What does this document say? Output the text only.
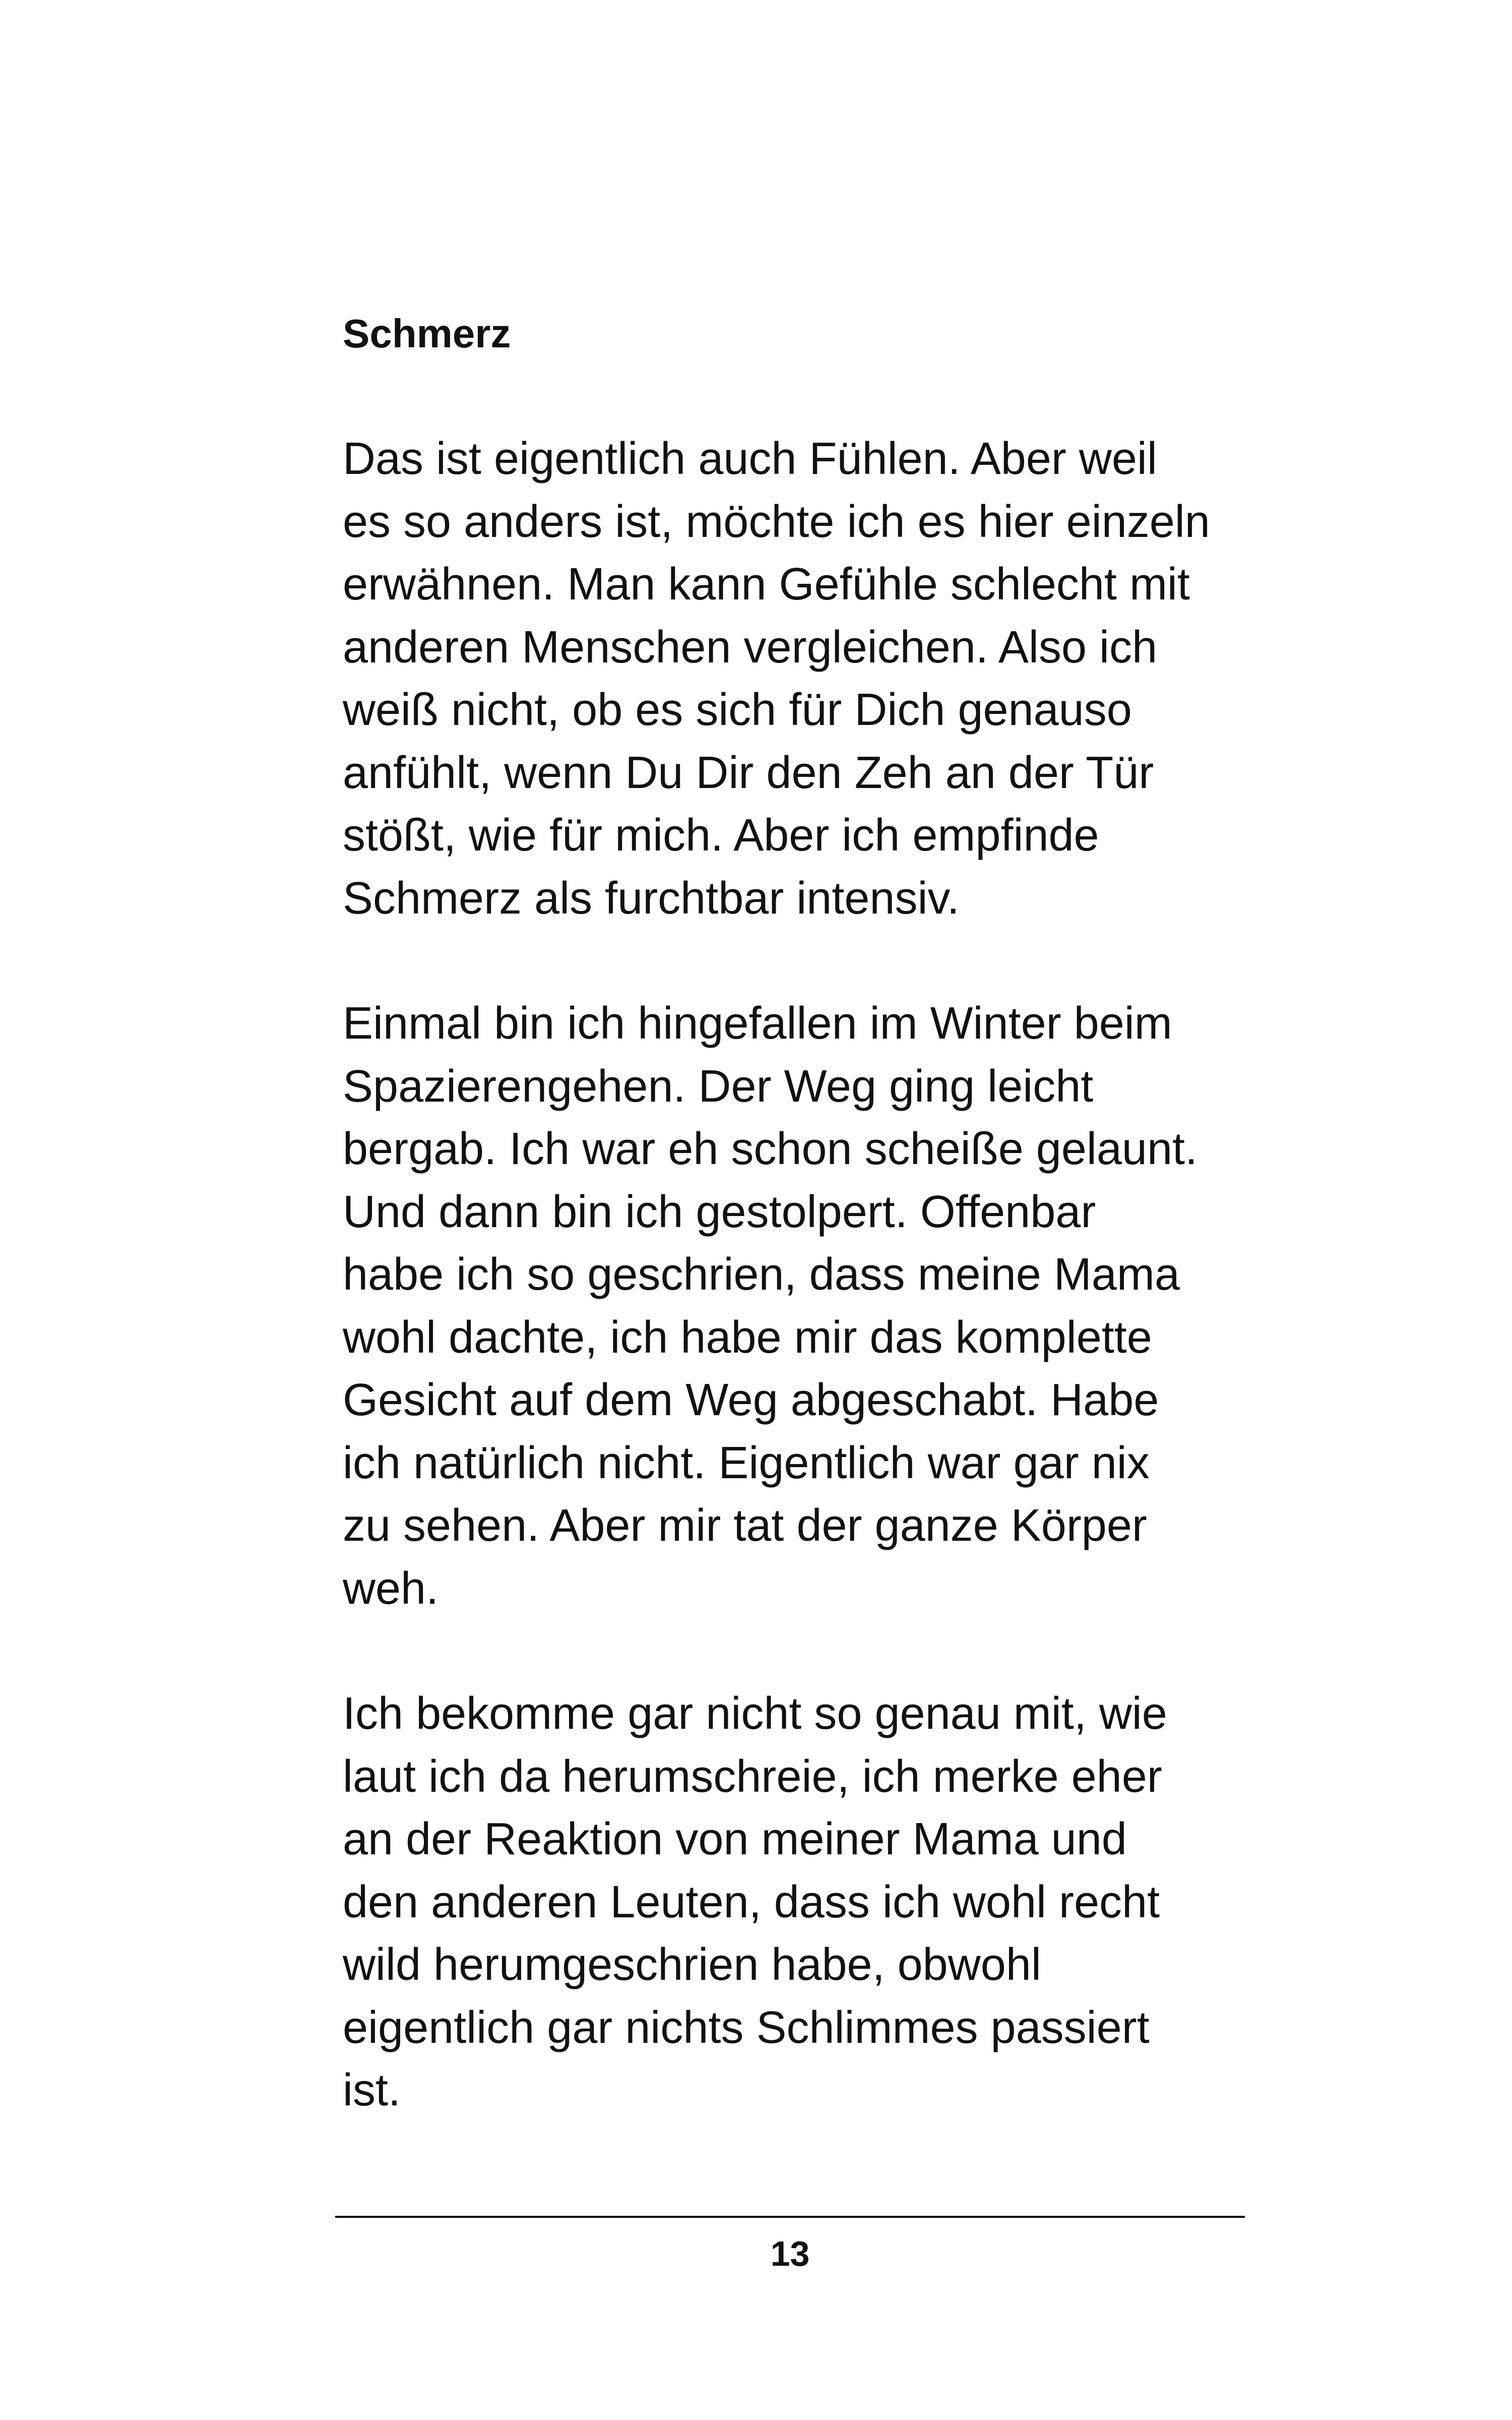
Schmerz

Das ist eigentlich auch Fühlen. Aber weil
es so anders ist, möchte ich es hier einzeln
erwähnen. Man kann Gefühle schlecht mit
anderen Menschen vergleichen. Also ich
weiß nicht, ob es sich für Dich genauso
anfühlt, wenn Du Dir den Zeh an der Tür
stößt, wie für mich. Aber ich empfinde
Schmerz als furchtbar intensiv.

Einmal bin ich hingefallen im Winter beim
Spazierengehen. Der Weg ging leicht
bergab. Ich war eh schon scheiße gelaunt.
Und dann bin ich gestolpert. Offenbar
habe ich so geschrien, dass meine Mama
wohl dachte, ich habe mir das komplette
Gesicht auf dem Weg abgeschabt. Habe
ich natürlich nicht. Eigentlich war gar nix
zu sehen. Aber mir tat der ganze Körper
weh.

Ich bekomme gar nicht so genau mit, wie
laut ich da herumschreie, ich merke eher
an der Reaktion von meiner Mama und
den anderen Leuten, dass ich wohl recht
wild herumgeschrien habe, obwohl
eigentlich gar nichts Schlimmes passiert
ist.

13
